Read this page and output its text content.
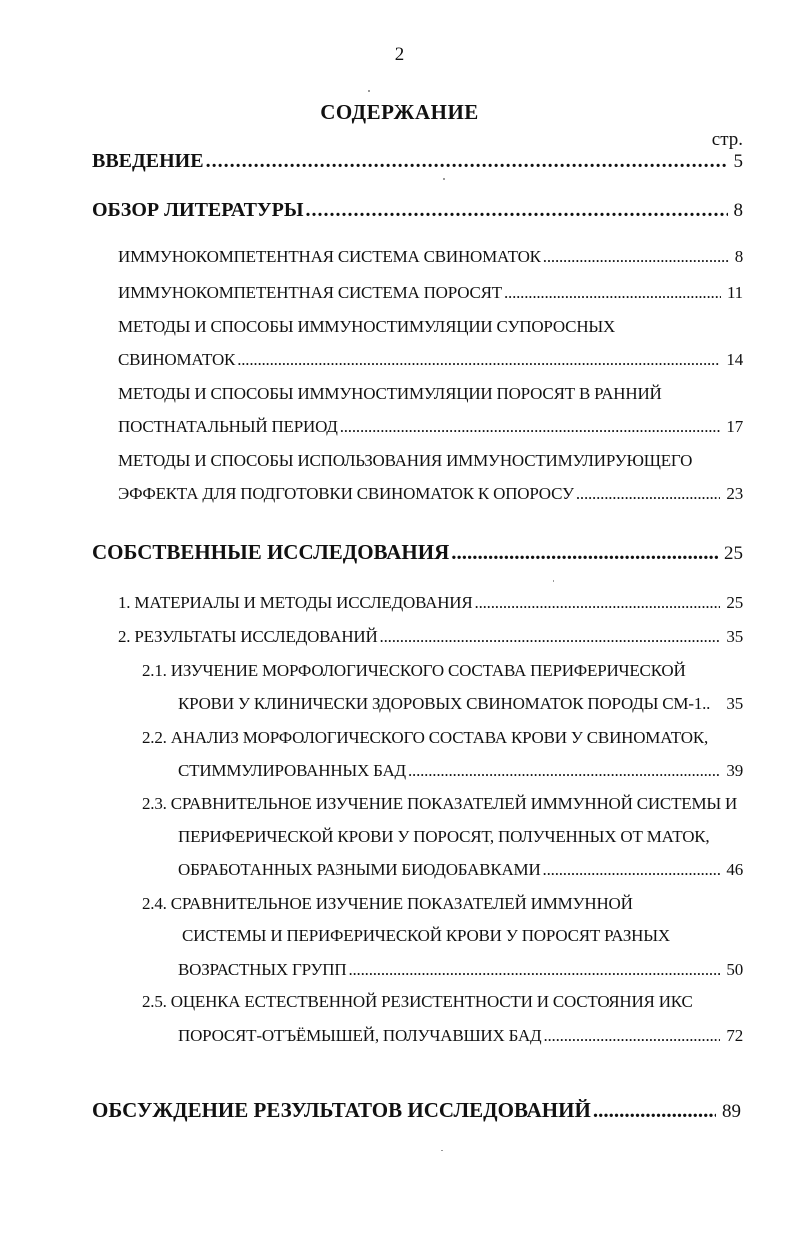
2
СОДЕРЖАНИЕ
стр.
ВВЕДЕНИЕ .....	5
ОБЗОР ЛИТЕРАТУРЫ .....	8
ИММУНОКОМПЕТЕНТНАЯ СИСТЕМА СВИНОМАТОК .....	8
ИММУНОКОМПЕТЕНТНАЯ СИСТЕМА ПОРОСЯТ .....	11
МЕТОДЫ И СПОСОБЫ ИММУНОСТИМУЛЯЦИИ СУПОРОСНЫХ
СВИНОМАТОК .....	14
МЕТОДЫ И СПОСОБЫ ИММУНОСТИМУЛЯЦИИ ПОРОСЯТ В РАННИЙ
ПОСТНАТАЛЬНЫЙ ПЕРИОД .....	17
МЕТОДЫ И СПОСОБЫ ИСПОЛЬЗОВАНИЯ ИММУНОСТИМУЛИРУЮЩЕГО
ЭФФЕКТА ДЛЯ ПОДГОТОВКИ СВИНОМАТОК К ОПОРОСУ .....	23
СОБСТВЕННЫЕ ИССЛЕДОВАНИЯ .....	25
1. МАТЕРИАЛЫ И МЕТОДЫ ИССЛЕДОВАНИЯ .....	25
2. РЕЗУЛЬТАТЫ ИССЛЕДОВАНИЙ .....	35
2.1. ИЗУЧЕНИЕ МОРФОЛОГИЧЕСКОГО СОСТАВА ПЕРИФЕРИЧЕСКОЙ
КРОВИ У КЛИНИЧЕСКИ ЗДОРОВЫХ СВИНОМАТОК ПОРОДЫ СМ-1.. 35
2.2. АНАЛИЗ МОРФОЛОГИЧЕСКОГО СОСТАВА КРОВИ У СВИНОМАТОК,
СТИММУЛИРОВАННЫХ БАД .....	39
2.3. СРАВНИТЕЛЬНОЕ ИЗУЧЕНИЕ ПОКАЗАТЕЛЕЙ ИММУННОЙ СИСТЕМЫ И
ПЕРИФЕРИЧЕСКОЙ КРОВИ У ПОРОСЯТ, ПОЛУЧЕННЫХ ОТ МАТОК,
ОБРАБОТАННЫХ РАЗНЫМИ БИОДОБАВКАМИ .....	46
2.4. СРАВНИТЕЛЬНОЕ ИЗУЧЕНИЕ ПОКАЗАТЕЛЕЙ ИММУННОЙ
СИСТЕМЫ И ПЕРИФЕРИЧЕСКОЙ КРОВИ У ПОРОСЯТ РАЗНЫХ
ВОЗРАСТНЫХ ГРУПП .....	50
2.5. ОЦЕНКА ЕСТЕСТВЕННОЙ РЕЗИСТЕНТНОСТИ И СОСТОЯНИЯ ИКС
ПОРОСЯТ-ОТЪЁМЫШЕЙ, ПОЛУЧАВШИХ БАД .....	72
ОБСУЖДЕНИЕ РЕЗУЛЬТАТОВ ИССЛЕДОВАНИЙ .....	89
